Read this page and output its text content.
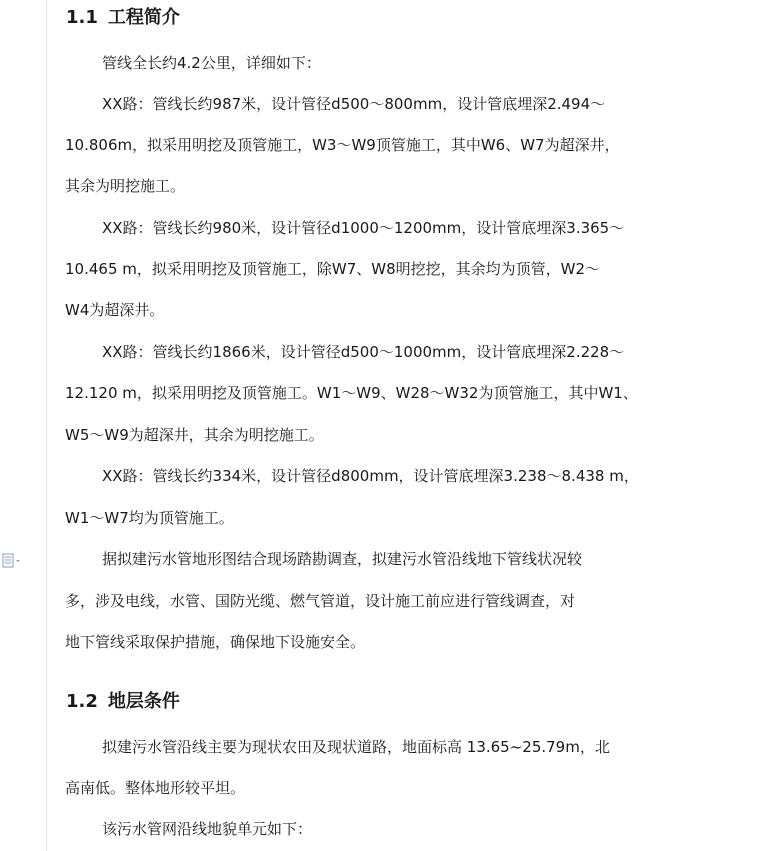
1.1 工程简介

管线全长约4.2公里，详细如下：

XX路：管线长约987米，设计管径d500～800mm，设计管底埋深2.494～

10.806m，拟采用明挖及顶管施工，W3～W9顶管施工，其中W6、W7为超深井，

其余为明挖施工。

XX路：管线长约980米，设计管径d1000～1200mm，设计管底埋深3.365～

10.465 m，拟采用明挖及顶管施工，除W7、W8明挖挖，其余均为顶管，W2～

W4为超深井。

XX路：管线长约1866米，设计管径d500～1000mm，设计管底埋深2.228～

12.120 m，拟采用明挖及顶管施工。W1～W9、W28～W32为顶管施工，其中W1、

W5～W9为超深井，其余为明挖施工。

XX路：管线长约334米，设计管径d800mm，设计管底埋深3.238～8.438 m，

W1～W7均为顶管施工。

据拟建污水管地形图结合现场踏勘调查，拟建污水管沿线地下管线状况较

多，涉及电线，水管、国防光缆、燃气管道，设计施工前应进行管线调查，对

地下管线采取保护措施，确保地下设施安全。

1.2 地层条件

拟建污水管沿线主要为现状农田及现状道路，地面标高 13.65~25.79m，北

高南低。整体地形较平坦。

该污水管网沿线地貌单元如下：
